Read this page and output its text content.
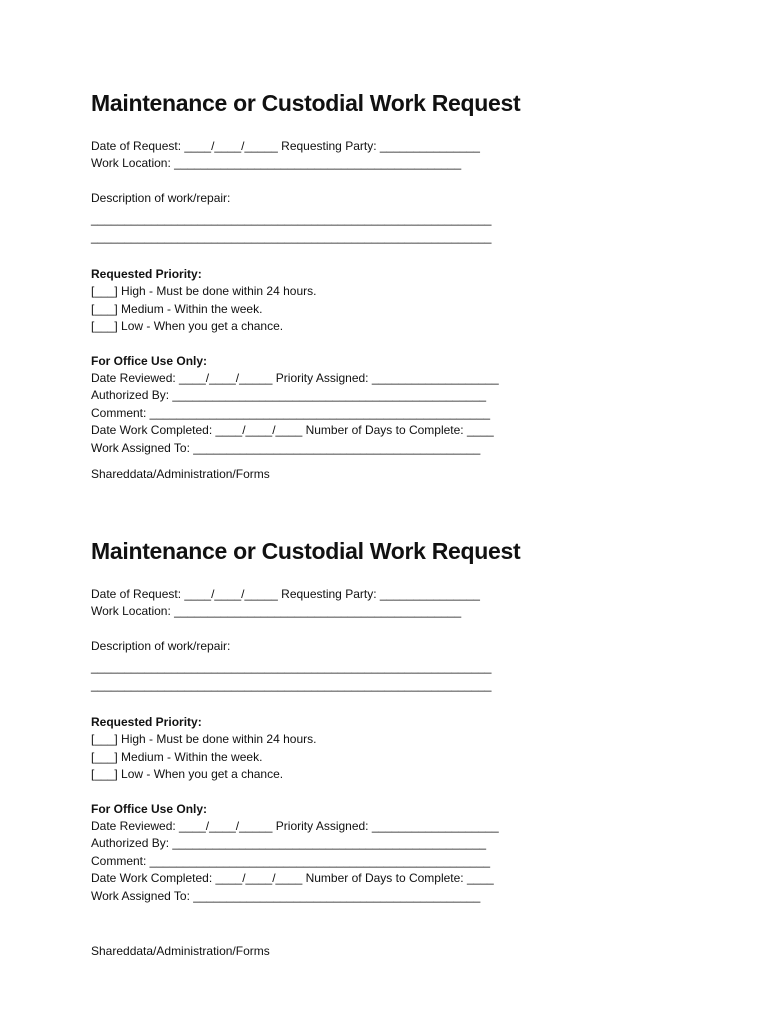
Maintenance or Custodial Work Request

Date of Request: ____/____/_____ Requesting Party: _______________

Work Location: ___________________________________________

Description of work/repair:

____________________________________________________________

____________________________________________________________

Requested Priority:

[___] High - Must be done within 24 hours.

[___] Medium - Within the week.

[___] Low - When you get a chance.

For Office Use Only:

Date Reviewed: ____/____/_____ Priority Assigned: ___________________

Authorized By: _______________________________________________

Comment: ___________________________________________________

Date Work Completed: ____/____/____ Number of Days to Complete: ____

Work Assigned To: ___________________________________________

Shareddata/Administration/Forms
Maintenance or Custodial Work Request

Date of Request: ____/____/_____ Requesting Party: _______________

Work Location: ___________________________________________

Description of work/repair:

____________________________________________________________

____________________________________________________________

Requested Priority:

[___] High - Must be done within 24 hours.

[___] Medium - Within the week.

[___] Low - When you get a chance.

For Office Use Only:

Date Reviewed: ____/____/_____ Priority Assigned: ___________________

Authorized By: _______________________________________________

Comment: ___________________________________________________

Date Work Completed: ____/____/____ Number of Days to Complete: ____

Work Assigned To: ___________________________________________

Shareddata/Administration/Forms
